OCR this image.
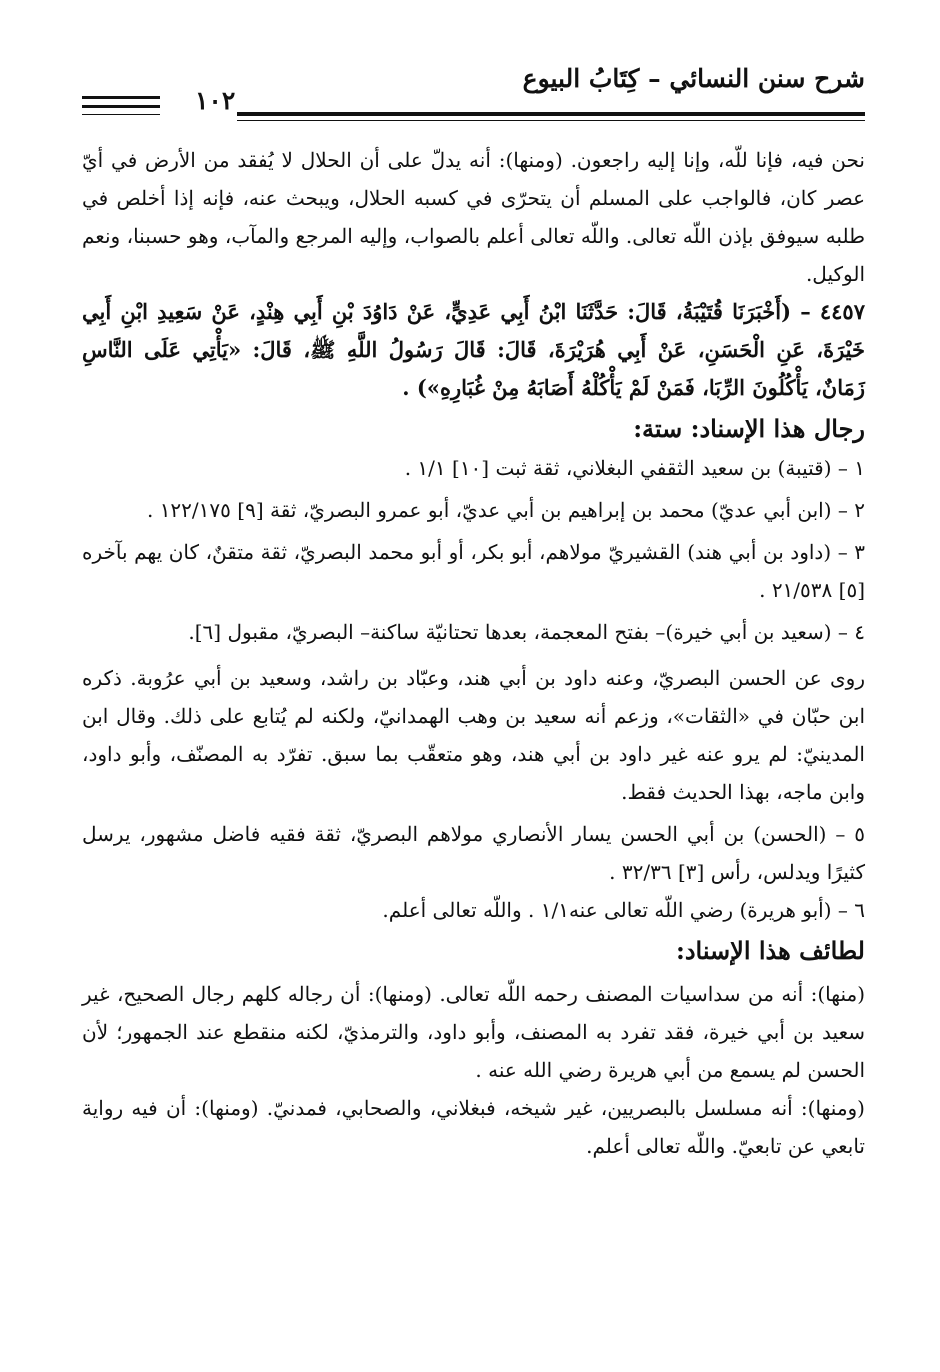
شرح سنن النسائي – كِتَابُ البيوع
١٠٢

نحن فيه، فإنا للّه، وإنا إليه راجعون. (ومنها): أنه يدلّ على أن الحلال لا يُفقد من الأرض في أيّ عصر كان، فالواجب على المسلم أن يتحرّى في كسبه الحلال، ويبحث عنه، فإنه إذا أخلص في طلبه سيوفق بإذن اللّه تعالى. واللّه تعالى أعلم بالصواب، وإليه المرجع والمآب، وهو حسبنا، ونعم الوكيل.

٤٤٥٧ – (أَخْبَرَنَا قُتَيْبَةُ، قَالَ: حَدَّثَنَا ابْنُ أَبِي عَدِيٍّ، عَنْ دَاوُدَ بْنِ أَبِي هِنْدٍ، عَنْ سَعِيدِ ابْنِ أَبِي خَيْرَةَ، عَنِ الْحَسَنِ، عَنْ أَبِي هُرَيْرَةَ، قَالَ: قَالَ رَسُولُ اللَّهِ ﷺ، قَالَ: «يَأْتِي عَلَى النَّاسِ زَمَانٌ، يَأْكُلُونَ الرِّبَا، فَمَنْ لَمْ يَأْكُلْهُ أَصَابَهُ مِنْ غُبَارِهِ») .

رجال هذا الإسناد: ستة:

١ – (قتيبة) بن سعيد الثقفي البغلاني، ثقة ثبت [١٠] ١/١ .

٢ – (ابن أبي عديّ) محمد بن إبراهيم بن أبي عديّ، أبو عمرو البصريّ، ثقة [٩] ١٢٢/١٧٥ .

٣ – (داود بن أبي هند) القشيريّ مولاهم، أبو بكر، أو أبو محمد البصريّ، ثقة متقنٌ، كان يهم بآخره [٥] ٢١/٥٣٨ .

٤ – (سعيد بن أبي خيرة)– بفتح المعجمة، بعدها تحتانيّة ساكنة– البصريّ، مقبول [٦].

روى عن الحسن البصريّ، وعنه داود بن أبي هند، وعبّاد بن راشد، وسعيد بن أبي عرُوبة. ذكره ابن حبّان في «الثقات»، وزعم أنه سعيد بن وهب الهمدانيّ، ولكنه لم يُتابع على ذلك. وقال ابن المدينيّ: لم يرو عنه غير داود بن أبي هند، وهو متعقّب بما سبق. تفرّد به المصنّف، وأبو داود، وابن ماجه، بهذا الحديث فقط.

٥ – (الحسن) بن أبي الحسن يسار الأنصاري مولاهم البصريّ، ثقة فقيه فاضل مشهور، يرسل كثيرًا ويدلس، رأس [٣] ٣٢/٣٦ .

٦ – (أبو هريرة) رضي اللّه تعالى عنه١/١ . واللّه تعالى أعلم.

لطائف هذا الإسناد:

(منها): أنه من سداسيات المصنف رحمه اللّه تعالى. (ومنها): أن رجاله كلهم رجال الصحيح، غير سعيد بن أبي خيرة، فقد تفرد به المصنف، وأبو داود، والترمذيّ، لكنه منقطع عند الجمهور؛ لأن الحسن لم يسمع من أبي هريرة رضي الله عنه .

(ومنها): أنه مسلسل بالبصريين، غير شيخه، فبغلاني، والصحابي، فمدنيّ. (ومنها): أن فيه رواية تابعي عن تابعيّ. واللّه تعالى أعلم.
